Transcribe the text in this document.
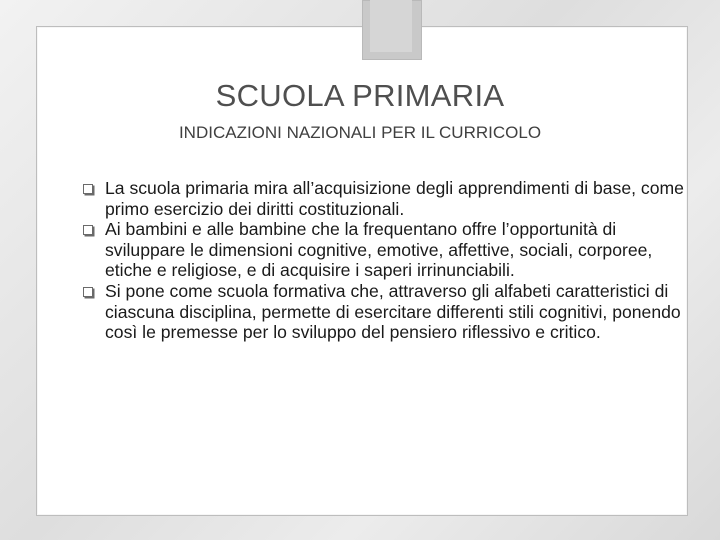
SCUOLA PRIMARIA
INDICAZIONI NAZIONALI PER IL CURRICOLO
La scuola primaria mira all’acquisizione degli apprendimenti di base, come primo esercizio dei diritti costituzionali.
Ai bambini e alle bambine che la frequentano offre l’opportunità di sviluppare le dimensioni cognitive, emotive, affettive, sociali, corporee, etiche e religiose, e di acquisire i saperi irrinunciabili.
Si pone come scuola formativa che, attraverso gli alfabeti caratteristici di ciascuna disciplina, permette di esercitare differenti stili cognitivi, ponendo così le premesse per lo sviluppo del pensiero riflessivo e critico.
